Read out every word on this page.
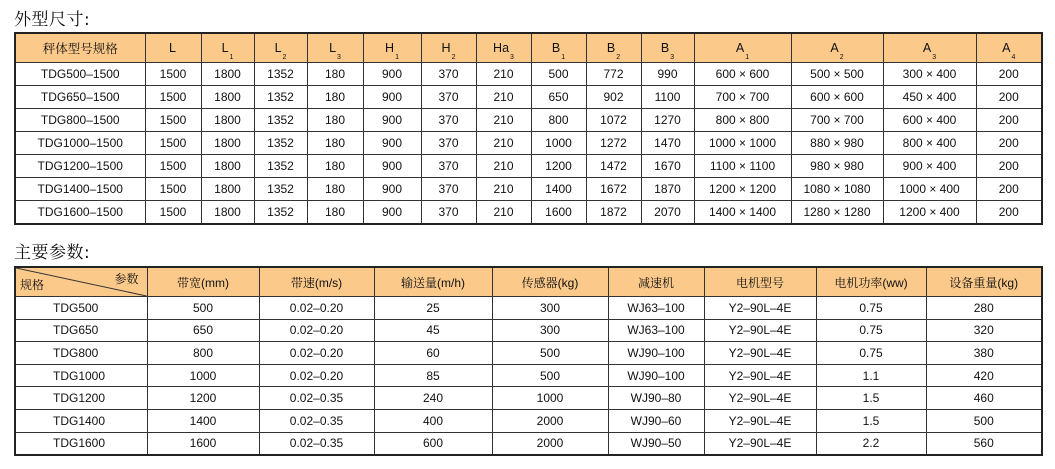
外型尺寸:
秤体型号规格	L	$L_1$	$L_2$	$L_3$	$H_1$	$H_2$	$Ha_3$	$B_1$	$B_2$	$B_3$	$A_1$	$A_2$	$A_3$	$A_4$
TDG500–1500	1500	1800	1352	180	900	370	210	500	772	990	600 × 600	500 × 500	300 × 400	200
TDG650–1500	1500	1800	1352	180	900	370	210	650	902	1100	700 × 700	600 × 600	450 × 400	200
TDG800–1500	1500	1800	1352	180	900	370	210	800	1072	1270	800 × 800	700 × 700	600 × 400	200
TDG1000–1500	1500	1800	1352	180	900	370	210	1000	1272	1470	1000 × 1000	880 × 980	800 × 400	200
TDG1200–1500	1500	1800	1352	180	900	370	210	1200	1472	1670	1100 × 1100	980 × 980	900 × 400	200
TDG1400–1500	1500	1800	1352	180	900	370	210	1400	1672	1870	1200 × 1200	1080 × 1080	1000 × 400	200
TDG1600–1500	1500	1800	1352	180	900	370	210	1600	1872	2070	1400 × 1400	1280 × 1280	1200 × 400	200
主要参数:
参数
规格	带宽(mm)	带速(m/s)	输送量(m/h)	传感器(kg)	减速机	电机型号	电机功率(ww)	设备重量(kg)
TDG500	500	0.02–0.20	25	300	WJ63–100	Y2–90L–4E	0.75	280
TDG650	650	0.02–0.20	45	300	WJ63–100	Y2–90L–4E	0.75	320
TDG800	800	0.02–0.20	60	500	WJ90–100	Y2–90L–4E	0.75	380
TDG1000	1000	0.02–0.20	85	500	WJ90–100	Y2–90L–4E	1.1	420
TDG1200	1200	0.02–0.35	240	1000	WJ90–80	Y2–90L–4E	1.5	460
TDG1400	1400	0.02–0.35	400	2000	WJ90–60	Y2–90L–4E	1.5	500
TDG1600	1600	0.02–0.35	600	2000	WJ90–50	Y2–90L–4E	2.2	560
